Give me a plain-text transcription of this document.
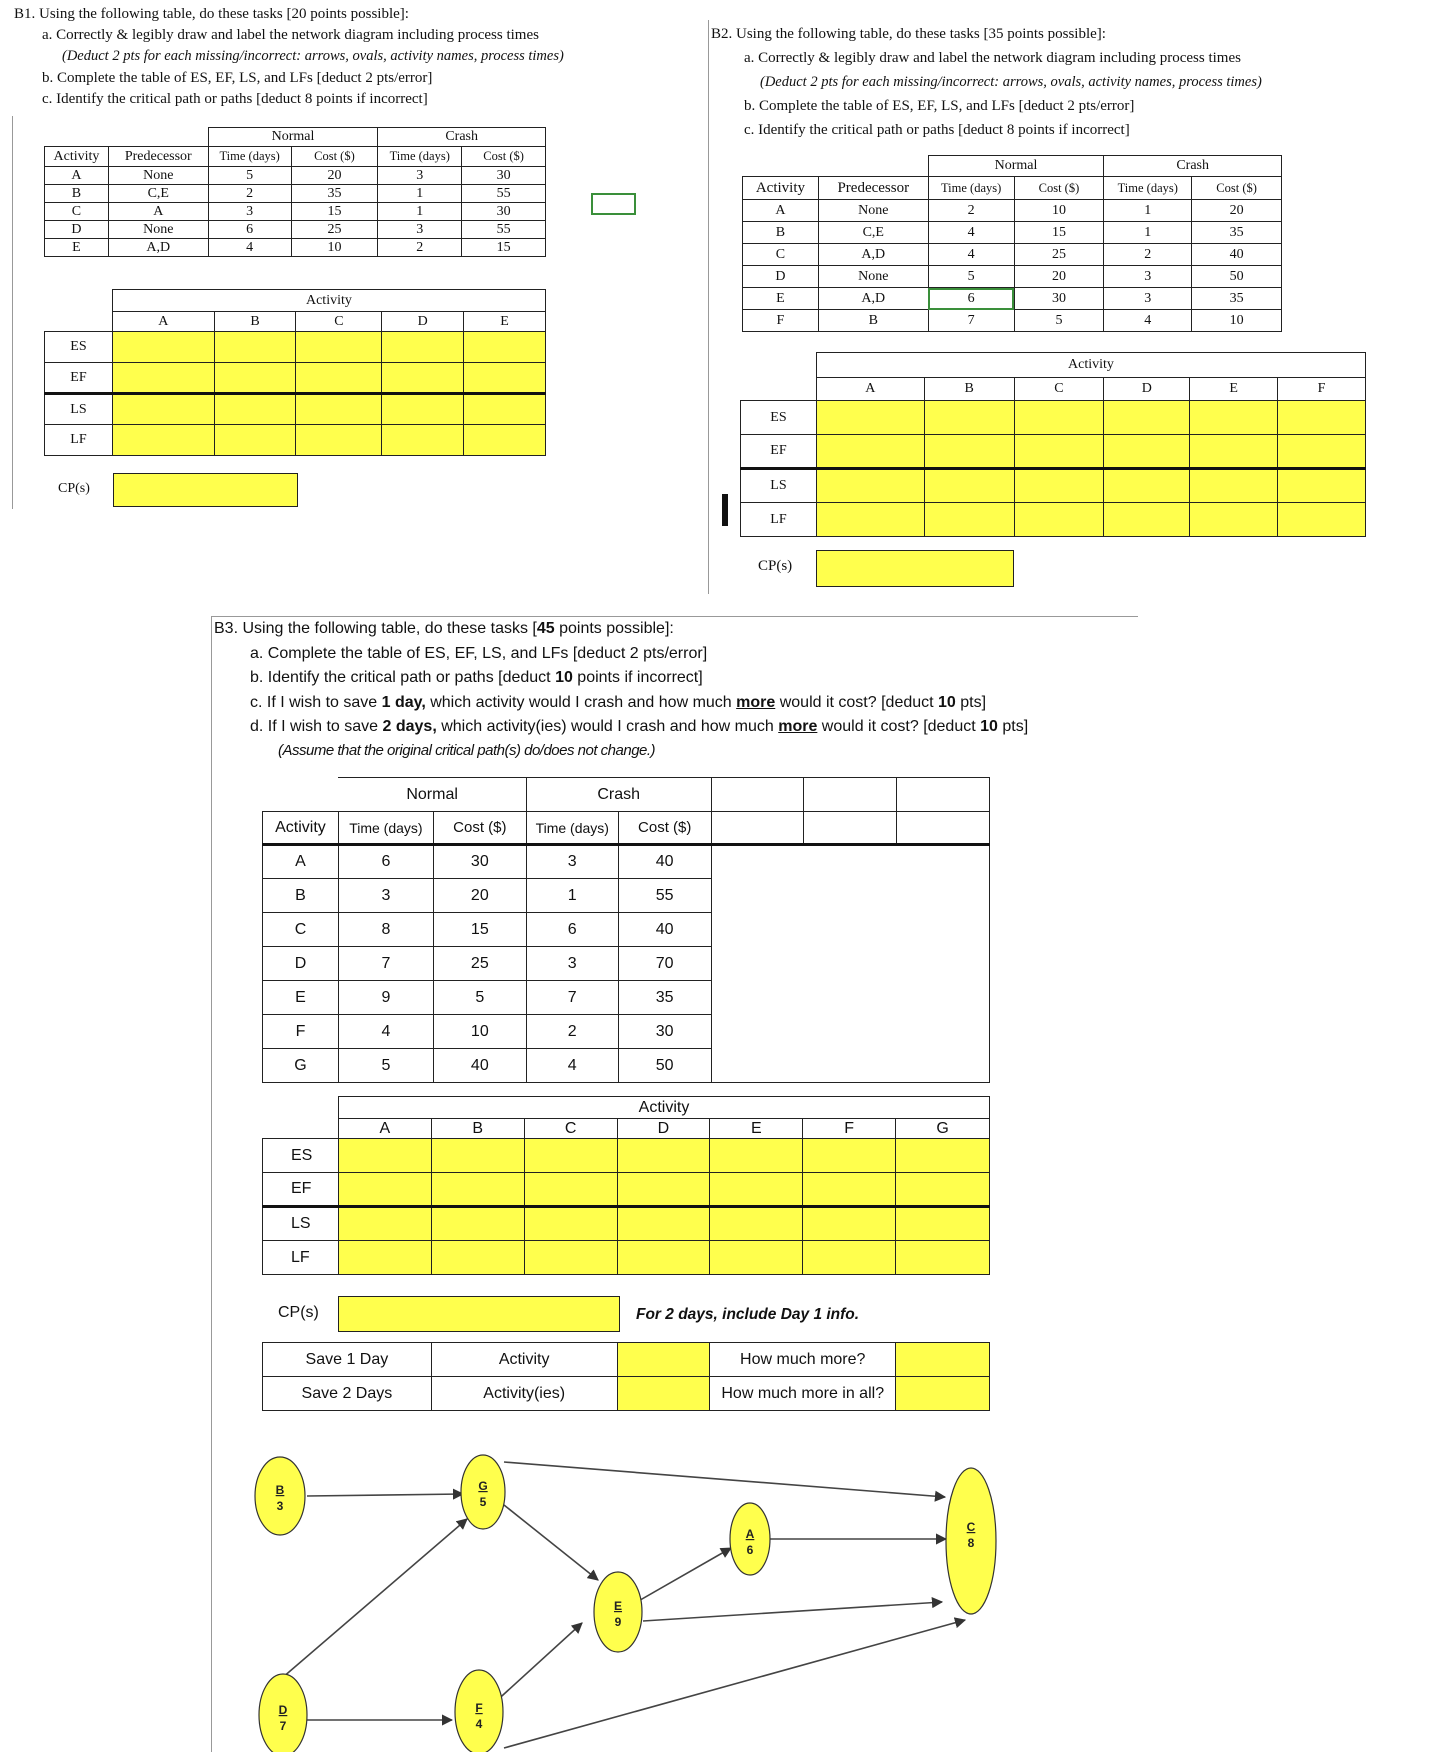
B1. Using the following table, do these tasks [20 points possible]:
a. Correctly & legibly draw and label the network diagram including process times
(Deduct 2 pts for each missing/incorrect: arrows, ovals, activity names, process times)
b. Complete the table of ES, EF, LS, and LFs [deduct 2 pts/error]
c. Identify the critical path or paths [deduct 8 points if incorrect]
		Normal		Crash	
Activity	Predecessor	Time (days)	Cost ($)	Time (days)	Cost ($)
A	None	5	20	3	30
B	C,E	2	35	1	55
C	A	3	15	1	30
D	None	6	25	3	55
E	A,D	4	10	2	15
	Activity				
	A	B	C	D	E
ES					
EF					
LS					
LF					
CP(s)
B2. Using the following table, do these tasks [35 points possible]:
a. Correctly & legibly draw and label the network diagram including process times
(Deduct 2 pts for each missing/incorrect: arrows, ovals, activity names, process times)
b. Complete the table of ES, EF, LS, and LFs [deduct 2 pts/error]
c. Identify the critical path or paths [deduct 8 points if incorrect]
		Normal		Crash	
Activity	Predecessor	Time (days)	Cost ($)	Time (days)	Cost ($)
A	None	2	10	1	20
B	C,E	4	15	1	35
C	A,D	4	25	2	40
D	None	5	20	3	50
E	A,D	6	30	3	35
F	B	7	5	4	10
	Activity					
	A	B	C	D	E	F
ES						
EF						
LS						
LF						
CP(s)
B3. Using the following table, do these tasks [45 points possible]:
a. Complete the table of ES, EF, LS, and LFs [deduct 2 pts/error]
b. Identify the critical path or paths [deduct 10 points if incorrect]
c. If I wish to save 1 day, which activity would I crash and how much more would it cost? [deduct 10 pts]
d. If I wish to save 2 days, which activity(ies) would I crash and how much more would it cost? [deduct 10 pts]
(Assume that the original critical path(s) do/does not change.)
	Normal		Crash				
Activity	Time (days)	Cost ($)	Time (days)	Cost ($)			
A	6	30	3	40			
B	3	20	1	55			
C	8	15	6	40			
D	7	25	3	70			
E	9	5	7	35			
F	4	10	2	30			
G	5	40	4	50			
	Activity						
	A	B	C	D	E	F	G
ES							
EF							
LS							
LF							
CP(s)	For 2 days, include Day 1 info.
Save 1 Day	Activity		How much more?	
Save 2 Days	Activity(ies)		How much more in all?	
B
3
G
5
E
9
A
6
C
8
D
7
F
4
